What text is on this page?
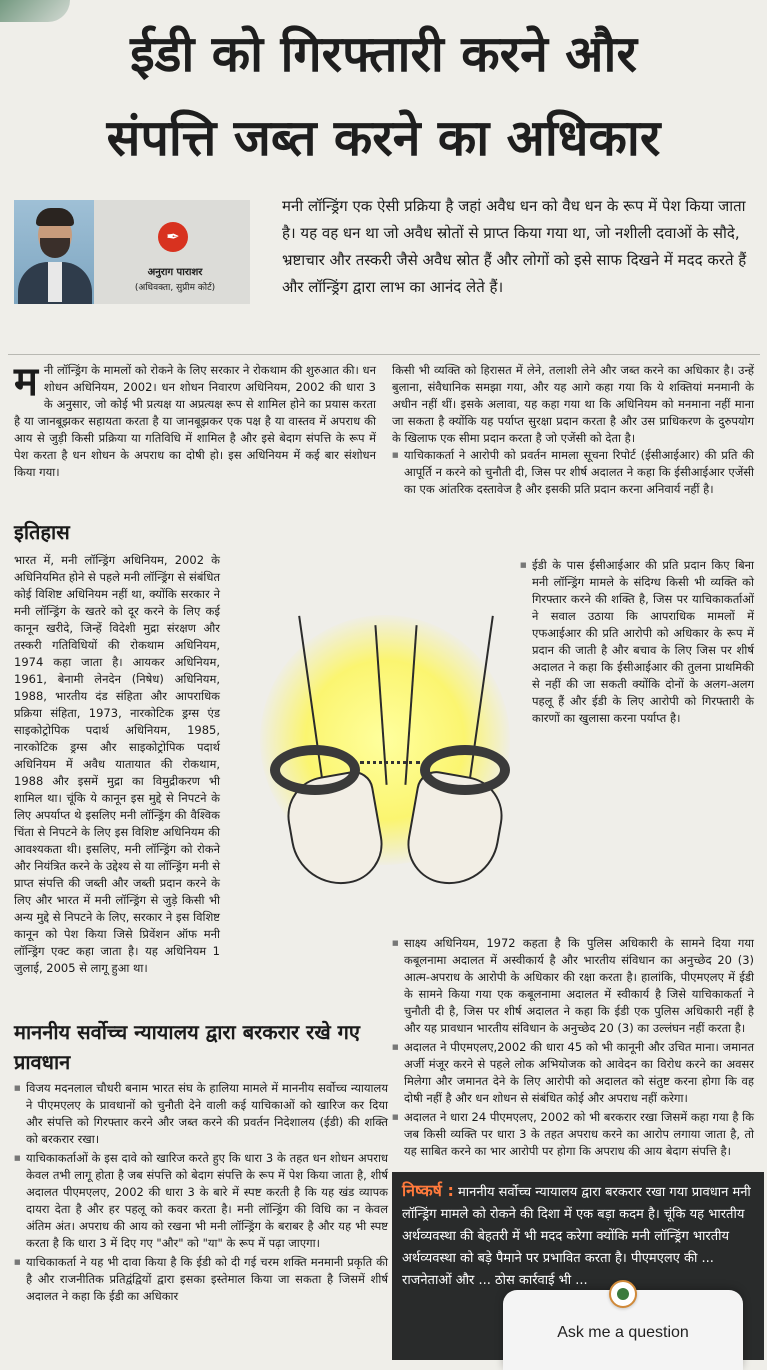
ईडी को गिरफ्तारी करने और
संपत्ति जब्त करने का अधिकार
✒
अनुराग पाराशर
(अधिवक्ता, सुप्रीम कोर्ट)
मनी लॉन्ड्रिंग एक ऐसी प्रक्रिया है जहां अवैध धन को वैध धन के रूप में पेश किया जाता है। यह वह धन था जो अवैध स्रोतों से प्राप्त किया गया था, जो नशीली दवाओं के सौदे, भ्रष्टाचार और तस्करी जैसे अवैध स्रोत हैं और लोगों को इसे साफ दिखने में मदद करते हैं और लॉन्ड्रिंग द्वारा लाभ का आनंद लेते हैं।
म नी लॉन्ड्रिंग के मामलों को रोकने के लिए सरकार ने रोकथाम की शुरुआत की। धन शोधन अधिनियम, 2002। धन शोधन निवारण अधिनियम, 2002 की धारा 3 के अनुसार, जो कोई भी प्रत्यक्ष या अप्रत्यक्ष रूप से शामिल होने का प्रयास करता है या जानबूझकर सहायता करता है या जानबूझकर एक पक्ष है या वास्तव में अपराध की आय से जुड़ी किसी प्रक्रिया या गतिविधि में शामिल है और इसे बेदाग संपत्ति के रूप में पेश करता है धन शोधन के अपराध का दोषी हो। इस अधिनियम में कई बार संशोधन किया गया।
इतिहास
भारत में, मनी लॉन्ड्रिंग अधिनियम, 2002 के अधिनियमित होने से पहले मनी लॉन्ड्रिंग से संबंधित कोई विशिष्ट अधिनियम नहीं था, क्योंकि सरकार ने मनी लॉन्ड्रिंग के खतरे को दूर करने के लिए कई कानून खरीदे, जिन्हें विदेशी मुद्रा संरक्षण और तस्करी गतिविधियों की रोकथाम अधिनियम, 1974 कहा जाता है। आयकर अधिनियम, 1961, बेनामी लेनदेन (निषेध) अधिनियम, 1988, भारतीय दंड संहिता और आपराधिक प्रक्रिया संहिता, 1973, नारकोटिक ड्रग्स एंड साइकोट्रोपिक पदार्थ अधिनियम, 1985, नारकोटिक ड्रग्स और साइकोट्रोपिक पदार्थ अधिनियम में अवैध यातायात की रोकथाम, 1988 और इसमें मुद्रा का विमुद्रीकरण भी शामिल था। चूंकि ये कानून इस मुद्दे से निपटने के लिए अपर्याप्त थे इसलिए मनी लॉन्ड्रिंग की वैश्विक चिंता से निपटने के लिए इस विशिष्ट अधिनियम की आवश्यकता थी। इसलिए, मनी लॉन्ड्रिंग को रोकने और नियंत्रित करने के उद्देश्य से या लॉन्ड्रिंग मनी से प्राप्त संपत्ति की जब्ती और जब्ती प्रदान करने के लिए और भारत में मनी लॉन्ड्रिंग से जुड़े किसी भी अन्य मुद्दे से निपटने के लिए, सरकार ने इस विशिष्ट कानून को पेश किया जिसे प्रिवेंशन ऑफ मनी लॉन्ड्रिंग एक्ट कहा जाता है। यह अधिनियम 1 जुलाई, 2005 से लागू हुआ था।
माननीय सर्वोच्च न्यायालय द्वारा बरकरार रखे गए प्रावधान
■ विजय मदनलाल चौधरी बनाम भारत संघ के हालिया मामले में माननीय सर्वोच्च न्यायालय ने पीएमएलए के प्रावधानों को चुनौती देने वाली कई याचिकाओं को खारिज कर दिया और संपत्ति को गिरफ्तार करने और जब्त करने की प्रवर्तन निदेशालय (ईडी) की शक्ति को बरकरार रखा।
■ याचिकाकर्ताओं के इस दावे को खारिज करते हुए कि धारा 3 के तहत धन शोधन अपराध केवल तभी लागू होता है जब संपत्ति को बेदाग संपत्ति के रूप में पेश किया जाता है, शीर्ष अदालत पीएमएलए, 2002 की धारा 3 के बारे में स्पष्ट करती है कि यह खंड व्यापक दायरा देता है और हर पहलू को कवर करता है। मनी लॉन्ड्रिंग की विधि का न केवल अंतिम अंत। अपराध की आय को रखना भी मनी लॉन्ड्रिंग के बराबर है और यह भी स्पष्ट करता है कि धारा 3 में दिए गए "और" को "या" के रूप में पढ़ा जाएगा।
■ याचिकाकर्ता ने यह भी दावा किया है कि ईडी को दी गई चरम शक्ति मनमानी प्रकृति की है और राजनीतिक प्रतिद्वंद्वियों द्वारा इसका इस्तेमाल किया जा सकता है जिसमें शीर्ष अदालत ने कहा कि ईडी का अधिकार
किसी भी व्यक्ति को हिरासत में लेने, तलाशी लेने और जब्त करने का अधिकार है। उन्हें बुलाना, संवैधानिक समझा गया, और यह आगे कहा गया कि ये शक्तियां मनमानी के अधीन नहीं थीं। इसके अलावा, यह कहा गया था कि अधिनियम को मनमाना नहीं माना जा सकता है क्योंकि यह पर्याप्त सुरक्षा प्रदान करता है और उस प्राधिकरण के दुरुपयोग के खिलाफ एक सीमा प्रदान करता है जो एजेंसी को देता है।
■ याचिकाकर्ता ने आरोपी को प्रवर्तन मामला सूचना रिपोर्ट (ईसीआईआर) की प्रति की आपूर्ति न करने को चुनौती दी, जिस पर शीर्ष अदालत ने कहा कि ईसीआईआर एजेंसी का एक आंतरिक दस्तावेज है और इसकी प्रति प्रदान करना अनिवार्य नहीं है।
■ ईडी के पास ईसीआईआर की प्रति प्रदान किए बिना मनी लॉन्ड्रिंग मामले के संदिग्ध किसी भी व्यक्ति को गिरफ्तार करने की शक्ति है, जिस पर याचिकाकर्ताओं ने सवाल उठाया कि आपराधिक मामलों में एफआईआर की प्रति आरोपी को अधिकार के रूप में प्रदान की जाती है और बचाव के लिए जिस पर शीर्ष अदालत ने कहा कि ईसीआईआर की तुलना प्राथमिकी से नहीं की जा सकती क्योंकि दोनों के अलग-अलग पहलू हैं और ईडी के लिए आरोपी को गिरफ्तारी के कारणों का खुलासा करना पर्याप्त है।
■ साक्ष्य अधिनियम, 1972 कहता है कि पुलिस अधिकारी के सामने दिया गया कबूलनामा अदालत में अस्वीकार्य है और भारतीय संविधान का अनुच्छेद 20 (3) आत्म-अपराध के आरोपी के अधिकार की रक्षा करता है। हालांकि, पीएमएलए में ईडी के सामने किया गया एक कबूलनामा अदालत में स्वीकार्य है जिसे याचिकाकर्ता ने चुनौती दी है, जिस पर शीर्ष अदालत ने कहा कि ईडी एक पुलिस अधिकारी नहीं है और यह प्रावधान भारतीय संविधान के अनुच्छेद 20 (3) का उल्लंघन नहीं करता है।
■ अदालत ने पीएमएलए,2002 की धारा 45 को भी कानूनी और उचित माना। जमानत अर्जी मंजूर करने से पहले लोक अभियोजक को आवेदन का विरोध करने का अवसर मिलेगा और जमानत देने के लिए आरोपी को अदालत को संतुष्ट करना होगा कि वह दोषी नहीं है और धन शोधन से संबंधित कोई और अपराध नहीं करेगा।
■ अदालत ने धारा 24 पीएमएलए, 2002 को भी बरकरार रखा जिसमें कहा गया है कि जब किसी व्यक्ति पर धारा 3 के तहत अपराध करने का आरोप लगाया जाता है, तो यह साबित करने का भार आरोपी पर होगा कि अपराध की आय बेदाग संपत्ति है।
निष्कर्ष : माननीय सर्वोच्च न्यायालय द्वारा बरकरार रखा गया प्रावधान मनी लॉन्ड्रिंग मामले को रोकने की दिशा में एक बड़ा कदम है। चूंकि यह भारतीय अर्थव्यवस्था की बेहतरी में भी मदद करेगा क्योंकि मनी लॉन्ड्रिंग भारतीय अर्थव्यवस्था को बड़े पैमाने पर प्रभावित करता है। पीएमएलए की ... राजनेताओं और ... ठोस कार्रवाई भी ...
Ask me a question
